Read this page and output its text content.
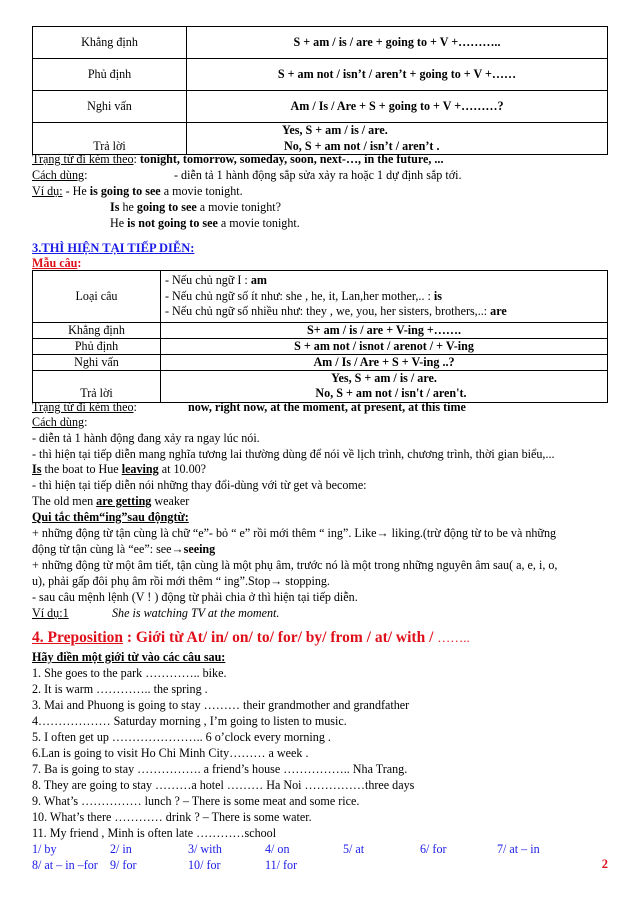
Khẳng định	S + am / is / are + going to + V +………..
Phủ định	S + am not / isn’t / aren’t + going to + V +……
Nghi vấn	Am / Is / Are + S + going to + V +………?
Trả lời	Yes, S + am / is / are.
No, S + am not / isn’t / aren’t .
Trạng từ đi kèm theo: tonight, tomorrow, someday, soon, next-…, in the future, ...
Cách dùng:	- diễn tả 1 hành động sắp sửa xảy ra hoặc 1 dự định sắp tới.
Ví dụ: - He is going to see a movie tonight.
Is he going to see a movie tonight?
He is not going to see a movie tonight.
3.THÌ HIỆN TẠI TIẾP DIỄN:
Mẫu câu:
Loại câu	- Nếu chủ ngữ I : am
- Nếu chủ ngữ số ít như: she , he, it, Lan,her mother,.. : is
- Nếu chủ ngữ số nhiều như: they , we, you, her sisters, brothers,..: are

Khẳng định	S+ am / is / are + V-ing +…….
Phủ định	S + am not / isnot / arenot / + V-ing
Nghi vấn	Am / Is / Are + S + V-ing ..?
Trả lời	Yes, S + am / is / are.
No, S + am not / isn't / aren't.
Trạng từ đi kèm theo:	now, right now, at the moment, at present, at this time
Cách dùng:
- diễn tả 1 hành động đang xảy ra ngay lúc nói.
- thì hiện tại tiếp diễn mang nghĩa tương lai thường dùng để nói về lịch trình, chương trình, thời gian biểu,...
Is the boat to Hue leaving at 10.00?
- thì hiện tại tiếp diễn nói những thay đổi-dùng với từ get và become:
The old men are getting weaker
Qui tắc thêm“ing”sau độngtừ:
+ những động từ tận cùng là chữ “e”- bỏ “ e” rồi mới thêm “ ing”. Like→ liking.(trừ động từ to be và những
động từ tận cùng là “ee”: see→seeing
+ những động từ một âm tiết, tận cùng là một phụ âm, trước nó là một trong những nguyên âm sau( a, e, i, o,
u), phải gấp đôi phụ âm rồi mới thêm “ ing”.Stop→ stopping.
- sau câu mệnh lệnh (V ! ) động từ phải chia ở thì hiện tại tiếp diễn.
Ví dụ:1	She is watching TV at the moment.
4. Preposition : Giới từ At/ in/ on/ to/ for/ by/ from / at/ with / ……..
Hãy điền một giới từ vào các câu sau:
1. She goes to the park ………….. bike.
2. It is warm ………….. the spring .
3. Mai and Phuong is going to stay ……… their grandmother and grandfather
4……………… Saturday morning , I’m going to listen to music.
5. I often get up ………………….. 6 o’clock every morning .
6.Lan is going to visit Ho Chi Minh City……… a week .
7. Ba is going to stay ……………. a friend’s house …………….. Nha Trang.
8. They are going to stay ………a hotel ……… Ha Noi ……………three days
9. What’s …………… lunch ? – There is some meat and some rice.
10. What’s there ………… drink ? – There is some water.
11. My friend , Minh is often late …………school
1/ by	2/ in	3/ with	4/ on	5/ at	6/ for	7/ at – in
8/ at – in –for 9/ for	10/ for	11/ for	2
